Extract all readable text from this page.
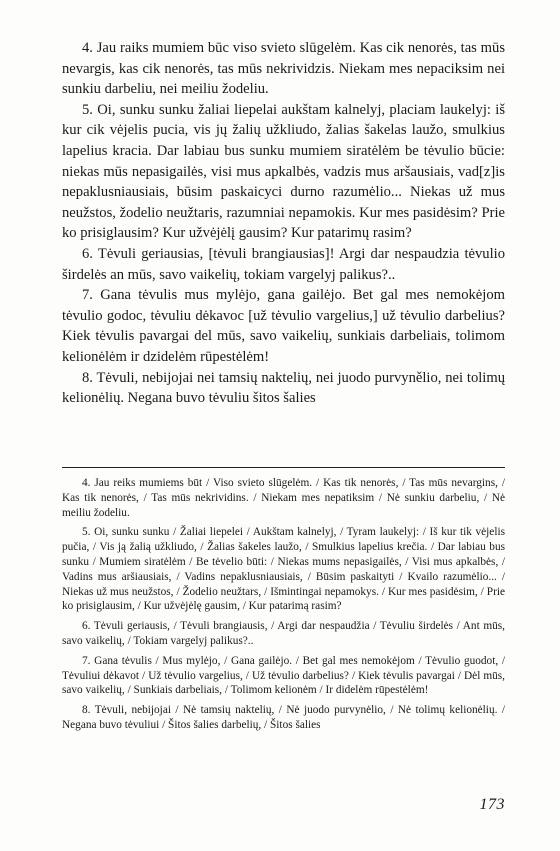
4. Jau raiks mumiem būc viso svieto slūgelėm. Kas cik nenorės, tas mūs nevargis, kas cik nenorės, tas mūs nekrividzis. Niekam mes nepaciksim nei sunkiu darbeliu, nei meiliu žodeliu.

5. Oi, sunku sunku žaliai liepelai aukštam kalnelyj, placiam laukelyj: iš kur cik vėjelis pucia, vis jų žalių užkliudo, žalias šakelas laužo, smulkius lapelius kracia. Dar labiau bus sunku mumiem siratėlėm be tėvulio būcie: niekas mūs nepasigailės, visi mus apkalbės, vadzis mus aršausiais, vad[z]is nepaklusniausiais, būsim paskaicyci durno razumėlio... Niekas už mus neužstos, žodelio neužtaris, razumniai nepamokis. Kur mes pasidėsim? Prie ko prisiglausim? Kur užvėjėlį gausim? Kur patarimų rasim?

6. Tėvuli geriausias, [tėvuli brangiausias]! Argi dar nespaudzia tėvulio širdelės an mūs, savo vaikelių, tokiam vargelyj palikus?..

7. Gana tėvulis mus mylėjo, gana gailėjo. Bet gal mes nemokėjom tėvulio godoc, tėvuliu dėkavoc [už tėvulio vargelius,] už tėvulio darbelius? Kiek tėvulis pavargai del mūs, savo vaikelių, sunkiais darbeliais, tolimom kelionėlėm ir dzidelėm rūpestėlėm!

8. Tėvuli, nebijojai nei tamsių naktelių, nei juodo purvynělio, nei tolimų kelionėlių. Negana buvo tėvuliu šitos šalies

4. Jau reiks mumiems būt / Viso svieto slūgelėm. / Kas tik nenorės, / Tas mūs nevargins, / Kas tik nenorės, / Tas mūs nekrividins. / Niekam mes nepatiksim / Nė sunkiu darbeliu, / Nė meiliu žodeliu.

5. Oi, sunku sunku / Žaliai liepelei / Aukštam kalnelyj, / Tyram laukelyj: / Iš kur tik vėjelis pučia, / Vis ją žalią užkliudo, / Žalias šakeles laužo, / Smulkius lapelius krečia. / Dar labiau bus sunku / Mumiem siratėlėm / Be tėvelio būti: / Niekas mums nepasigailės, / Visi mus apkalbės, / Vadins mus aršiausiais, / Vadins nepaklusniausiais, / Būsim paskaityti / Kvailo razumėlio... / Niekas už mus neužstos, / Žodelio neužtars, / Išmintingai nepamokys. / Kur mes pasidėsim, / Prie ko prisiglausim, / Kur užvėjėlę gausim, / Kur patarimą rasim?

6. Tėvuli geriausis, / Tėvuli brangiausis, / Argi dar nespaudžia / Tėvuliu širdelės / Ant mūs, savo vaikelių, / Tokiam vargelyj palikus?..

7. Gana tėvulis / Mus mylėjo, / Gana gailėjo. / Bet gal mes nemokėjom / Tėvulio guodot, / Tėvuliui dėkavot / Už tėvulio vargelius, / Už tėvulio darbelius? / Kiek tėvulis pavargai / Dėl mūs, savo vaikelių, / Sunkiais darbeliais, / Tolimom kelionėm / Ir didelėm rūpestėlėm!

8. Tėvuli, nebijojai / Nė tamsių naktelių, / Nė juodo purvynėlio, / Nė tolimų kelionėlių. / Negana buvo tėvuliui / Šitos šalies darbelių, / Šitos šalies

173
